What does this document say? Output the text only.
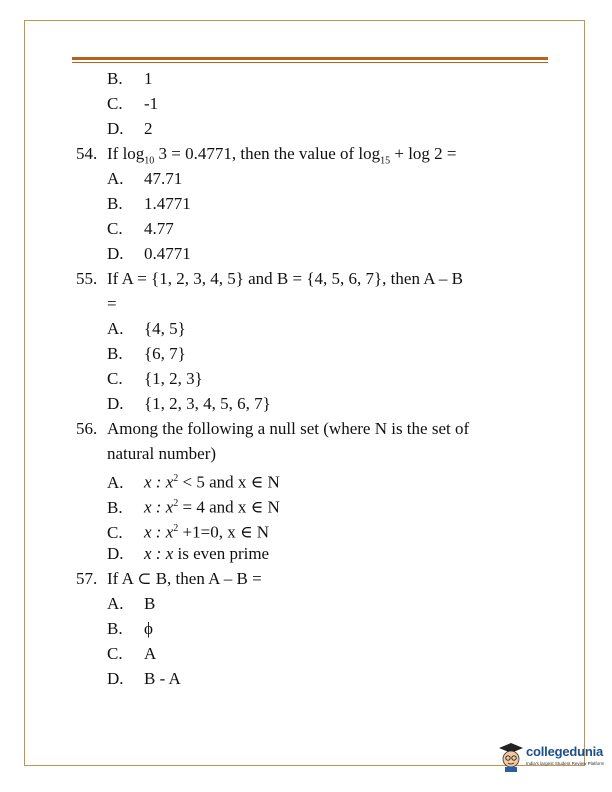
B. 1
C. -1
D. 2
54. If $\log_{10} 3 = 0.4771$, then the value of $\log_{15} + \log 2$ =
A. 47.71
B. 1.4771
C. 4.77
D. 0.4771
55. If A = {1, 2, 3, 4, 5} and B = {4, 5, 6, 7}, then A – B
=
A. {4, 5}
B. {6, 7}
C. {1, 2, 3}
D. {1, 2, 3, 4, 5, 6, 7}
56. Among the following a null set (where N is the set of
natural number)
A. x : $x^2 < 5$ and x ∈ N
B. x : $x^2 = 4$ and x ∈ N
C. x : $x^2 +1=0$, x ∈ N
D. x : x is even prime
57. If A ⊂ B, then A – B =
A. B
B. ϕ
C. A
D. B - A
collegedunia
India's largest Student Review Platform
